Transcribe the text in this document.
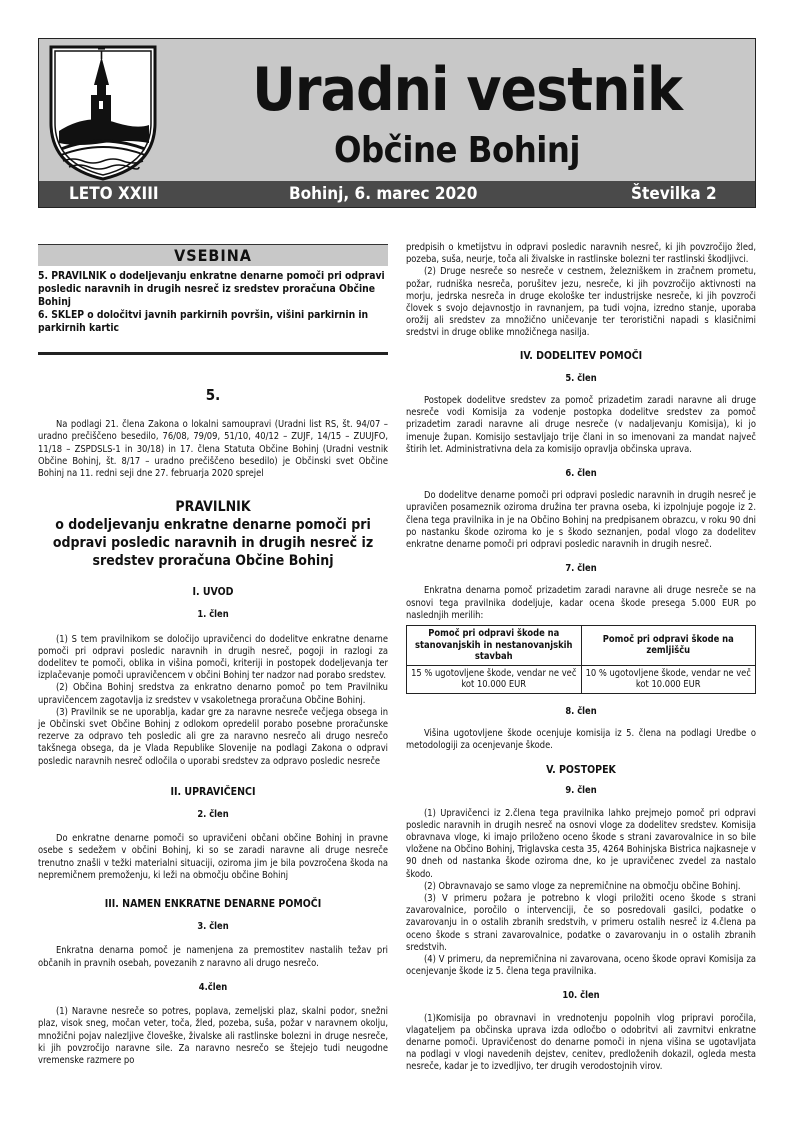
Uradni vestnik
Občine Bohinj
LETO XXIII	Bohinj, 6. marec 2020	Številka 2
VSEBINA
5. PRAVILNIK o dodeljevanju enkratne denarne pomoči pri odpravi posledic naravnih in drugih nesreč iz sredstev proračuna Občine Bohinj
6. SKLEP o določitvi javnih parkirnih površin, višini parkirnin in parkirnih kartic
5.

Na podlagi 21. člena Zakona o lokalni samoupravi (Uradni list RS, št. 94/07 – uradno prečiščeno besedilo, 76/08, 79/09, 51/10, 40/12 – ZUJF, 14/15 – ZUUJFO, 11/18 – ZSPDSLS-1 in 30/18) in 17. člena Statuta Občine Bohinj (Uradni vestnik Občine Bohinj, št. 8/17 – uradno prečiščeno besedilo) je Občinski svet Občine Bohinj na 11. redni seji dne 27. februarja 2020 sprejel

PRAVILNIK
o dodeljevanju enkratne denarne pomoči pri odpravi posledic naravnih in drugih nesreč iz sredstev proračuna Občine Bohinj
I. UVOD
1. člen

(1) S tem pravilnikom se določijo upravičenci do dodelitve enkratne denarne pomoči pri odpravi posledic naravnih in drugih nesreč, pogoji in razlogi za dodelitev te pomoči, oblika in višina pomoči, kriteriji in postopek dodeljevanja ter izplačevanje pomoči upravičencem v občini Bohinj ter nadzor nad porabo sredstev.

(2) Občina Bohinj sredstva za enkratno denarno pomoč po tem Pravilniku upravičencem zagotavlja iz sredstev v vsakoletnega proračuna Občine Bohinj.

(3) Pravilnik se ne uporablja, kadar gre za naravne nesreče večjega obsega in je Občinski svet Občine Bohinj z odlokom opredelil porabo posebne proračunske rezerve za odpravo teh posledic ali gre za naravno nesrečo ali drugo nesrečo takšnega obsega, da je Vlada Republike Slovenije na podlagi Zakona o odpravi posledic naravnih nesreč odločila o uporabi sredstev za odpravo posledic nesreče

II. UPRAVIČENCI
2. člen

Do enkratne denarne pomoči so upravičeni občani občine Bohinj in pravne osebe s sedežem v občini Bohinj, ki so se zaradi naravne ali druge nesreče trenutno znašli v težki materialni situaciji, oziroma jim je bila povzročena škoda na nepremičnem premoženju, ki leži na območju občine Bohinj

III. NAMEN ENKRATNE DENARNE POMOČI
3. člen

Enkratna denarna pomoč je namenjena za premostitev nastalih težav pri občanih in pravnih osebah, povezanih z naravno ali drugo nesrečo.

4.člen

(1) Naravne nesreče so potres, poplava, zemeljski plaz, skalni podor, snežni plaz, visok sneg, močan veter, toča, žled, pozeba, suša, požar v naravnem okolju, množični pojav nalezljive človeške, živalske ali rastlinske bolezni in druge nesreče, ki jih povzročijo naravne sile. Za naravno nesrečo se štejejo tudi neugodne vremenske razmere po

predpisih o kmetijstvu in odpravi posledic naravnih nesreč, ki jih povzročijo žled, pozeba, suša, neurje, toča ali živalske in rastlinske bolezni ter rastlinski škodljivci.

(2) Druge nesreče so nesreče v cestnem, železniškem in zračnem prometu, požar, rudniška nesreča, porušitev jezu, nesreče, ki jih povzročijo aktivnosti na morju, jedrska nesreča in druge ekološke ter industrijske nesreče, ki jih povzroči človek s svojo dejavnostjo in ravnanjem, pa tudi vojna, izredno stanje, uporaba orožij ali sredstev za množično uničevanje ter teroristični napadi s klasičnimi sredstvi in druge oblike množičnega nasilja.

IV. DODELITEV POMOČI
5. člen

Postopek dodelitve sredstev za pomoč prizadetim zaradi naravne ali druge nesreče vodi Komisija za vodenje postopka dodelitve sredstev za pomoč prizadetim zaradi naravne ali druge nesreče (v nadaljevanju Komisija), ki jo imenuje župan. Komisijo sestavljajo trije člani in so imenovani za mandat največ štirih let. Administrativna dela za komisijo opravlja občinska uprava.

6. člen

Do dodelitve denarne pomoči pri odpravi posledic naravnih in drugih nesreč je upravičen posameznik oziroma družina ter pravna oseba, ki izpolnjuje pogoje iz 2. člena tega pravilnika in je na Občino Bohinj na predpisanem obrazcu, v roku 90 dni po nastanku škode oziroma ko je s škodo seznanjen, podal vlogo za dodelitev enkratne denarne pomoči pri odpravi posledic naravnih in drugih nesreč.

7. člen

Enkratna denarna pomoč prizadetim zaradi naravne ali druge nesreče se na osnovi tega pravilnika dodeljuje, kadar ocena škode presega 5.000 EUR po naslednjih merilih:

Pomoč pri odpravi škode na stanovanjskih in nestanovanjskih stavbah	Pomoč pri odpravi škode na zemljišču
15 % ugotovljene škode, vendar ne več kot 10.000 EUR	10 % ugotovljene škode, vendar ne več kot 10.000 EUR
8. člen

Višina ugotovljene škode ocenjuje komisija iz 5. člena na podlagi Uredbe o metodologiji za ocenjevanje škode.

V. POSTOPEK
9. člen

(1) Upravičenci iz 2.člena tega pravilnika lahko prejmejo pomoč pri odpravi posledic naravnih in drugih nesreč na osnovi vloge za dodelitev sredstev. Komisija obravnava vloge, ki imajo priloženo oceno škode s strani zavarovalnice in so bile vložene na Občino Bohinj, Triglavska cesta 35, 4264 Bohinjska Bistrica najkasneje v 90 dneh od nastanka škode oziroma dne, ko je upravičenec zvedel za nastalo škodo.

(2) Obravnavajo se samo vloge za nepremičnine na območju občine Bohinj.

(3) V primeru požara je potrebno k vlogi priložiti oceno škode s strani zavarovalnice, poročilo o intervenciji, če so posredovali gasilci, podatke o zavarovanju in o ostalih zbranih sredstvih, v primeru ostalih nesreč iz 4.člena pa oceno škode s strani zavarovalnice, podatke o zavarovanju in o ostalih zbranih sredstvih.

(4) V primeru, da nepremičnina ni zavarovana, oceno škode opravi Komisija za ocenjevanje škode iz 5. člena tega pravilnika.

10. člen

(1)Komisija po obravnavi in vrednotenju popolnih vlog pripravi poročila, vlagateljem pa občinska uprava izda odločbo o odobritvi ali zavrnitvi enkratne denarne pomoči. Upravičenost do denarne pomoči in njena višina se ugotavljata na podlagi v vlogi navedenih dejstev, cenitev, predloženih dokazil, ogleda mesta nesreče, kadar je to izvedljivo, ter drugih verodostojnih virov.
